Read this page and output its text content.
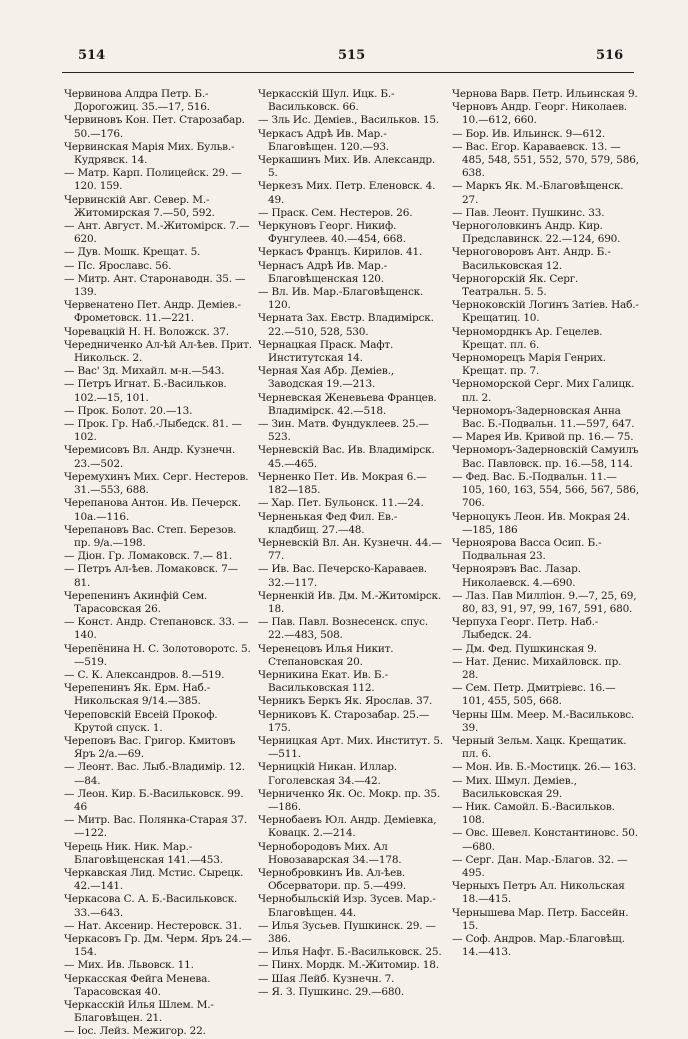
514	515	516
Червинова Алдра Петр. Б.-Дорогожиц. 35.—17, 516.
Червиновъ Кон. Пет. Старозабар. 50.—176.
Червинская Марія Мих. Бульв.-Кудрявск. 14.
— Матр. Карп. Полицейск. 29. —120. 159.
Червинскій Авг. Север. М.-Житомирская 7.—50, 592.
— Ант. Август. М.-Житомірск. 7.—620.
— Дув. Мошк. Крещат. 5.
— Пс. Ярославс. 56.
— Митр. Ант. Старонаводн. 35. —139.
Червенатено Пет. Андр. Деміев.-Фрометовск. 11.—221.
Чоревацкій Н. Н. Воложск. 37.
Чередниченко Ал-ѣй Ал-ѣев. Прит. Никольск. 2.
— Вас' Зд. Михайл. м-н.—543.
— Петръ Игнат. Б.-Васильков. 102.—15, 101.
— Прок. Болот. 20.—13.
— Прок. Гр. Наб.-Лыбедск. 81. —102.
Черемисовъ Вл. Андр. Кузнечн. 23.—502.
Черемухинъ Мих. Серг. Нестеров. 31.—553, 688.
Черепанова Антон. Ив. Печерск. 10а.—116.
Черепановъ Вас. Степ. Березов. пр. 9/а.—198.
— Діон. Гр. Ломаковск. 7.— 81.
— Петръ Ал-ѣев. Ломаковск. 7— 81.
Черепенинъ Акинфій Сем. Тарасовская 26.
— Конст. Андр. Степановск. 33. —140.
Черепёнина Н. С. Золотоворотс. 5.—519.
— С. К. Александров. 8.—519.
Черепенинъ Як. Ерм. Наб.-Никольская 9/14.—385.
Череповскій Евсеій Прокоф. Крутой спуск. 1.
Череповъ Вас. Григор. Кмитовъ Яръ 2/а.—69.
— Леонт. Вас. Лыб.-Владимір. 12.—84.
— Леон. Кир. Б.-Васильковск. 99. 46
— Митр. Вас. Полянка-Старая 37.—122.
Черець Ник. Ник. Мар.-Благовѣщенская 141.—453.
Черкавская Лид. Мстис. Сырецк. 42.—141.
Черкасова С. А. Б.-Васильковск. 33.—643.
— Нат. Аксенир. Нестеровск. 31.
Черкасовъ Гр. Дм. Черм. Яръ 24.—154.
— Мих. Ив. Львовск. 11.
Черкасская Фейга Менева. Тарасовская 40.
Черкасскій Илья Шлем. М.-Благовѣщен. 21.
— Іос. Лейз. Межигор. 22.
Черкасскій Шул. Ицк. Б.-Васильковск. 66.
— Зль Ис. Деміев., Васильков. 15.
Черкасъ Адрѣ Ив. Мар.-Благовѣщен. 120.—93.
Черкашинъ Мих. Ив. Александр. 5.
Черкезъ Мих. Петр. Еленовск. 4. 49.
— Праск. Сем. Нестеров. 26.
Черкуновъ Георг. Никиф. Фунгулеев. 40.—454, 668.
Черкасъ Францъ. Кирилов. 41.
Чернасъ Адрѣ Ив. Мар.-Благовѣщенская 120.
— Вл. Ив. Мар.-Благовѣщенск. 120.
Черната Зах. Евстр. Владимірск. 22.—510, 528, 530.
Чернацкая Праск. Мафт. Институтская 14.
Черная Хая Абр. Деміев., Заводская 19.—213.
Черневская Женевьева Францев. Владимірск. 42.—518.
— Зин. Матв. Фундуклеев. 25.— 523.
Черневскій Вас. Ив. Владимірск. 45.—465.
Черненко Пет. Ив. Мокрая 6.— 182—185.
— Хар. Пет. Бульонск. 11.—24.
Черненькая Фед Фил. Ев.-кладбищ. 27.—48.
Черневскій Вл. Ан. Кузнечн. 44.— 77.
— Ив. Вас. Печерско-Караваев. 32.—117.
Черненкій Ив. Дм. М.-Житомірск. 18.
— Пав. Павл. Вознесенск. спус. 22.—483, 508.
Черенецовъ Илья Никит. Степановская 20.
Черникина Екат. Ив. Б.-Васильковская 112.
Черникъ Беркъ Як. Ярослав. 37.
Черниковъ К. Старозабар. 25.— 175.
Черницкая Арт. Мих. Институт. 5.—511.
Черницкій Никан. Иллар. Гоголевская 34.—42.
Черниченко Як. Ос. Мокр. пр. 35. —186.
Чернобаевъ Юл. Андр. Деміевка, Ковацк. 2.—214.
Чернобородовъ Мих. Ал Новозаварская 34.—178.
Чернобровкинъ Ив. Ал-ѣев. Обсерватори. пр. 5.—499.
Чернобыльскій Изр. Зусев. Мар.-Благовѣщен. 44.
— Илья Зусьев. Пушкинск. 29. —386.
— Илья Нафт. Б.-Васильковск. 25.
— Пинх. Мордк. М.-Житомир. 18.
— Шая Лейб. Кузнечн. 7.
— Я. З. Пушкинс. 29.—680.
Чернова Варв. Петр. Ильинская 9.
Черновъ Андр. Георг. Николаев. 10.—612, 660.
— Бор. Ив. Ильинск. 9—612.
— Вас. Егор. Караваевск. 13. —485, 548, 551, 552, 570, 579, 586, 638.
— Маркъ Як. М.-Благовѣщенск. 27.
— Пав. Леонт. Пушкинс. 33.
Черноголовкинъ Андр. Кир. Предславинск. 22.—124, 690.
Черноговоровъ Ант. Андр. Б.-Васильковская 12.
Черногорскій Як. Серг. Театральн. 5. 5.
Черноковскій Логинъ Затіев. Наб.-Крещатиц. 10.
Черноморднкъ Ар. Гецелев. Крещат. пл. 6.
Черноморецъ Марія Генрих. Крещат. пр. 7.
Черноморской Серг. Мих Галицк. пл. 2.
Черноморъ-Задерновская Анна Вас. Б.-Подвальн. 11.—597, 647.
— Марея Ив. Кривой пр. 16.— 75.
Черноморъ-Задерновскій Самуилъ Вас. Павловск. пр. 16.—58, 114.
— Фед. Вас. Б.-Подвальн. 11.— 105, 160, 163, 554, 566, 567, 586, 706.
Черноцукъ Леон. Ив. Мокрая 24. —185, 186
Черноярова Васса Осип. Б.-Подвальная 23.
Черноярэвъ Вас. Лазар. Николаевск. 4.—690.
— Лаз. Пав Милліон. 9.—7, 25, 69, 80, 83, 91, 97, 99, 167, 591, 680.
Черпуха Георг. Петр. Наб.-Лыбедск. 24.
— Дм. Фед. Пушкинская 9.
— Нат. Денис. Михайловск. пр. 28.
— Сем. Петр. Дмитріевс. 16.— 101, 455, 505, 668.
Черны Шм. Меер. М.-Васильковс. 39.
Черный Зельм. Хацк. Крещатик. пл. 6.
— Мон. Ив. Б.-Мостицк. 26.— 163.
— Мих. Шмул. Деміев., Васильковская 29.
— Ник. Самойл. Б.-Васильков. 108.
— Овс. Шевел. Константиновс. 50.—680.
— Серг. Дан. Мар.-Благов. 32. —495.
Черныхъ Петръ Ал. Никольская 18.—415.
Чернышева Мар. Петр. Бассейн. 15.
— Соф. Андров. Мар.-Благовѣщ. 14.—413.
